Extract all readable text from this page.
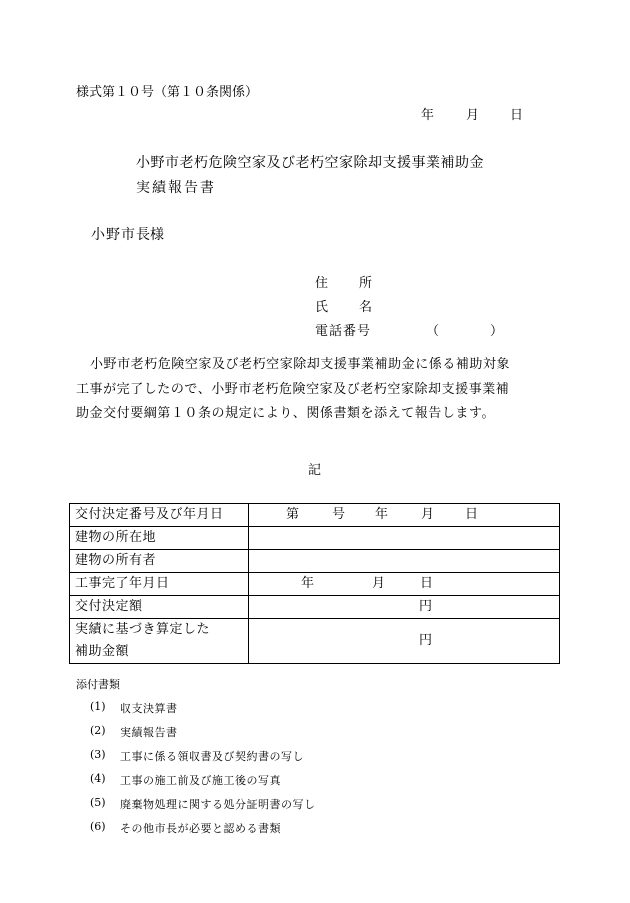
様式第１０号（第１０条関係）
年 月 日
小野市老朽危険空家及び老朽空家除却支援事業補助金
実績報告書
小野市長 様
住 所
氏 名
電話番号	（	）
小野市老朽危険空家及び老朽空家除却支援事業補助金に係る補助対象
工事が完了したので、小野市老朽危険空家及び老朽空家除却支援事業補
助金交付要綱第１０条の規定により、関係書類を添えて報告します。
記
交付決定番号及び年月日	第 号 年 月 日

建物の所在地	
建物の所有者	
工事完了年月日	年 月 日

交付決定額	円

実績に基づき算定した
補助金額	円
添付書類
(1) 収支決算書
(2) 実績報告書
(3) 工事に係る領収書及び契約書の写し
(4) 工事の施工前及び施工後の写真
(5) 廃棄物処理に関する処分証明書の写し
(6) その他市長が必要と認める書類
